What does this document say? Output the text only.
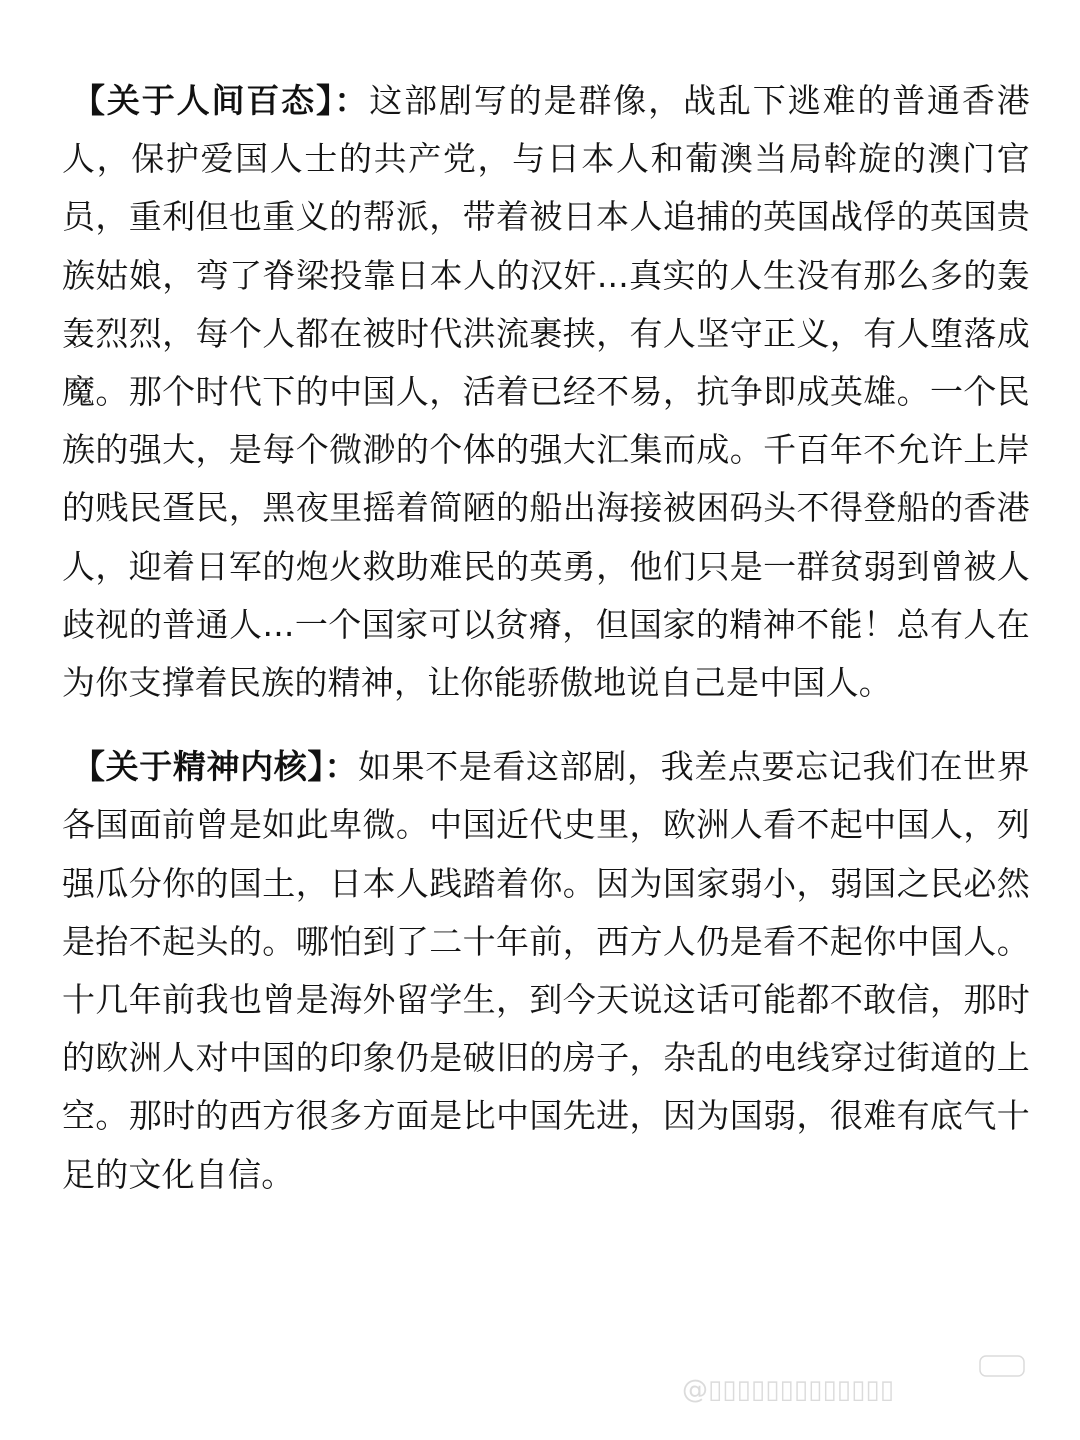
【关于人间百态】：这部剧写的是群像，战乱下逃难的普通香港人，保护爱国人士的共产党，与日本人和葡澳当局斡旋的澳门官员，重利但也重义的帮派，带着被日本人追捕的英国战俘的英国贵族姑娘，弯了脊梁投靠日本人的汉奸...真实的人生没有那么多的轰轰烈烈，每个人都在被时代洪流裹挟，有人坚守正义，有人堕落成魔。那个时代下的中国人，活着已经不易，抗争即成英雄。一个民族的强大，是每个微渺的个体的强大汇集而成。千百年不允许上岸的贱民疍民，黑夜里摇着简陋的船出海接被困码头不得登船的香港人，迎着日军的炮火救助难民的英勇，他们只是一群贫弱到曾被人歧视的普通人...一个国家可以贫瘠，但国家的精神不能！总有人在为你支撑着民族的精神，让你能骄傲地说自己是中国人。

【关于精神内核】：如果不是看这部剧，我差点要忘记我们在世界各国面前曾是如此卑微。中国近代史里，欧洲人看不起中国人，列强瓜分你的国土，日本人践踏着你。因为国家弱小，弱国之民必然是抬不起头的。哪怕到了二十年前，西方人仍是看不起你中国人。十几年前我也曾是海外留学生，到今天说这话可能都不敢信，那时的欧洲人对中国的印象仍是破旧的房子，杂乱的电线穿过街道的上空。那时的西方很多方面是比中国先进，因为国弱，很难有底气十足的文化自信。

@▯▯▯▯▯▯▯▯▯▯▯▯▯
